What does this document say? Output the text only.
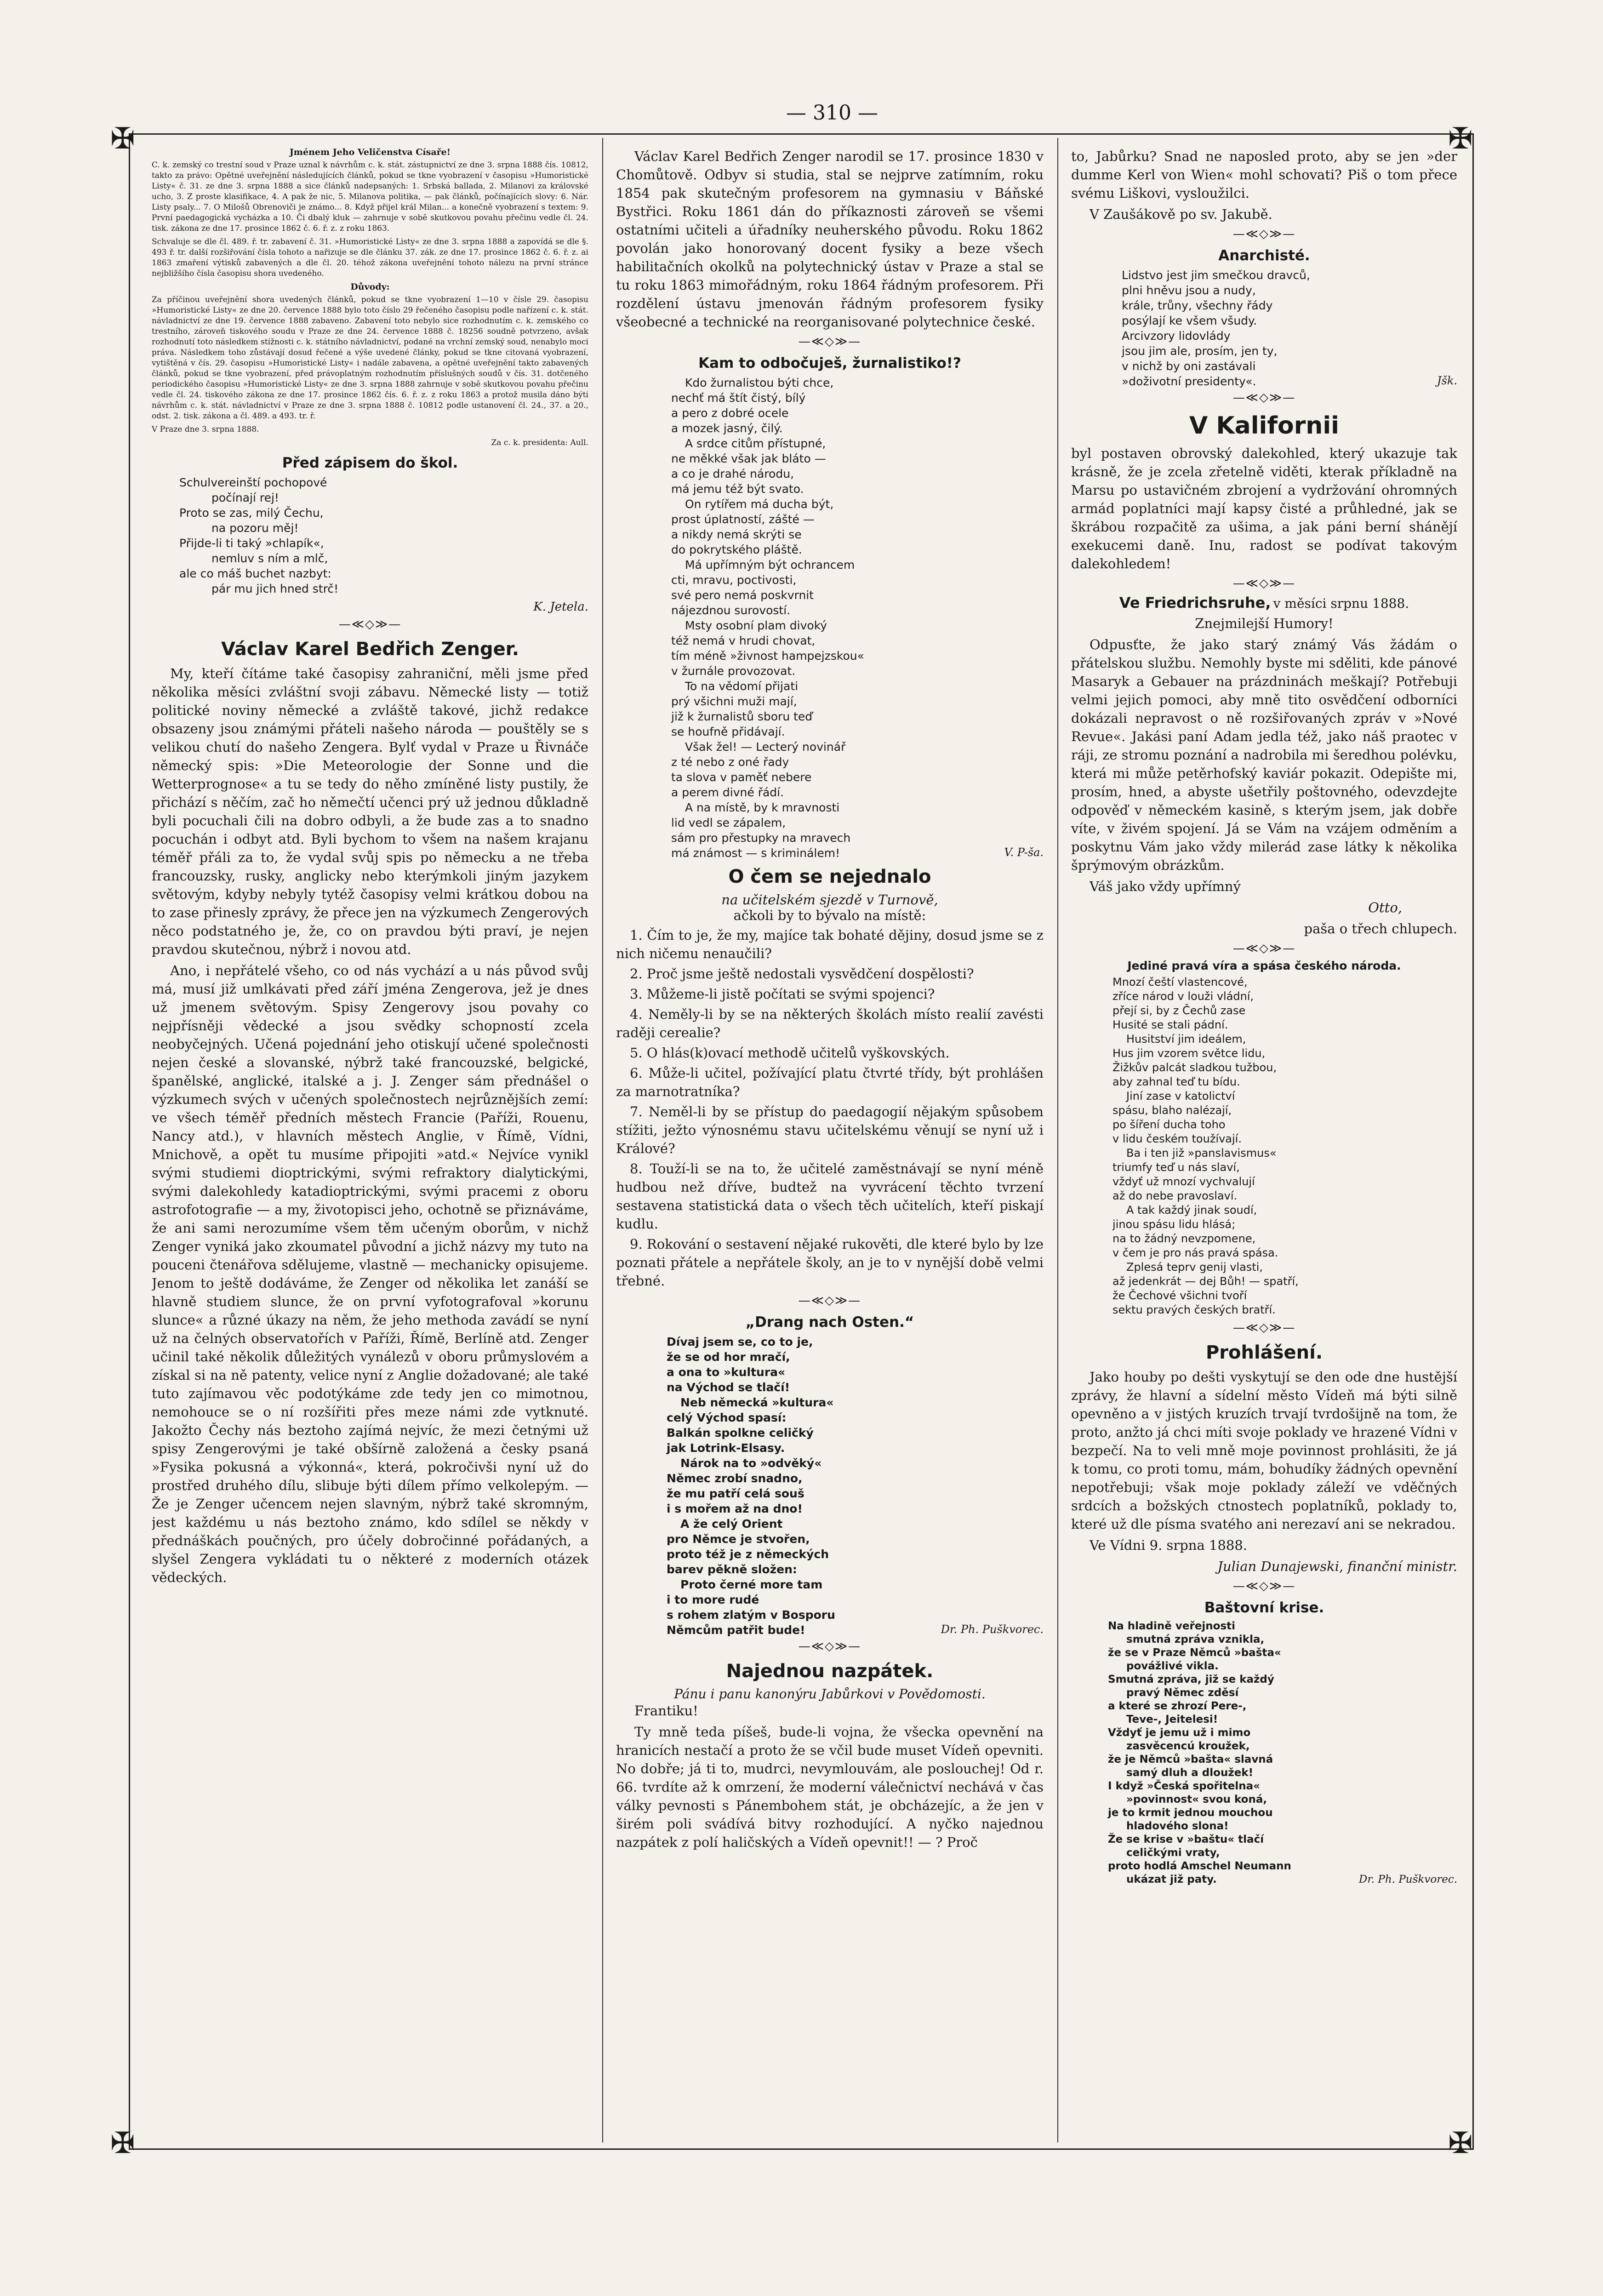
— 310 —
✠	✠
✠	✠
Jménem Jeho Veličenstva Císaře!

C. k. zemský co trestní soud v Praze uznal k návrhům c. k. stát. zástupnictví ze dne 3. srpna 1888 čís. 10812, takto za právo: Opětné uveřejnění následujících článků, pokud se tkne vyobrazení v časopisu »Humoristické Listy« č. 31. ze dne 3. srpna 1888 a sice článků nadepsaných: 1. Srbská ballada, 2. Milanovi za královské ucho, 3. Z proste klasifikace, 4. A pak že nic, 5. Milanova politika, — pak článků, počínajících slovy: 6. Nár. Listy psaly... 7. O Milošů Obrenoviči je známo... 8. Když přijel král Milan... a konečně vyobrazení s textem: 9. První paedagogická vycházka a 10. Či dbalý kluk — zahrnuje v sobě skutkovou povahu přečinu vedle čl. 24. tisk. zákona ze dne 17. prosince 1862 č. 6. ř. z. z roku 1863.

Schvaluje se dle čl. 489. ř. tr. zabavení č. 31. »Humoristické Listy« ze dne 3. srpna 1888 a zapovídá se dle §. 493 ř. tr. další rozšiřování čísla tohoto a nařizuje se dle článku 37. zák. ze dne 17. prosince 1862 č. 6. ř. z. ai 1863 zmaření výtisků zabavených a dle čl. 20. téhož zákona uveřejnění tohoto nálezu na první stránce nejbližšího čísla časopisu shora uvedeného.

Důvody:

Za příčinou uveřejnění shora uvedených článků, pokud se tkne vyobrazení 1—10 v čísle 29. časopisu »Humoristické Listy« ze dne 20. července 1888 bylo toto číslo 29 řečeného časopisu podle nařízení c. k. stát. návladnictví ze dne 19. července 1888 zabaveno. Zabavení toto nebylo sice rozhodnutím c. k. zemského co trestního, zároveň tiskového soudu v Praze ze dne 24. července 1888 č. 18256 soudně potvrzeno, avšak rozhodnutí toto následkem stížnosti c. k. státního návladnictví, podané na vrchní zemský soud, nenabylo moci práva. Následkem toho zůstávají dosud řečené a výše uvedené články, pokud se tkne citovaná vyobrazení, vytištěná v čís. 29. časopisu »Humoristické Listy« i nadále zabavena, a opětné uveřejnění takto zabavených článků, pokud se tkne vyobrazení, před právoplatným rozhodnutím příslušných soudů v čís. 31. dotčeného periodického časopisu »Humoristické Listy« ze dne 3. srpna 1888 zahrnuje v sobě skutkovou povahu přečinu vedle čl. 24. tiskového zákona ze dne 17. prosince 1862 čís. 6. ř. z. z roku 1863 a protož musila dáno býti návrhům c. k. stát. návladnictví v Praze ze dne 3. srpna 1888 č. 10812 podle ustanovení čl. 24., 37. a 20., odst. 2. tisk. zákona a čl. 489. a 493. tr. ř.

V Praze dne 3. srpna 1888.

Za c. k. presidenta: Aull.

Před zápisem do škol.
Schulvereinští pochopové
počínají rej!
Proto se zas, milý Čechu,
na pozoru měj!
Přijde-li ti taký »chlapík«,
nemluv s ním a mlč,
ale co máš buchet nazbyt:
pár mu jich hned strč!
K. Jetela.
—≪◇≫—
Václav Karel Bedřich Zenger.

My, kteří čítáme také časopisy zahraniční, měli jsme před několika měsíci zvláštní svoji zábavu. Německé listy — totiž politické noviny německé a zvláště takové, jichž redakce obsazeny jsou známými přáteli našeho národa — pouštěly se s velikou chutí do našeho Zengera. Bylť vydal v Praze u Řivnáče německý spis: »Die Meteorologie der Sonne und die Wetterprognose« a tu se tedy do něho zmíněné listy pustily, že přichází s něčím, zač ho němečtí učenci prý už jednou důkladně byli pocuchali čili na dobro odbyli, a že bude zas a to snadno pocuchán i odbyt atd. Byli bychom to všem na našem krajanu téměř přáli za to, že vydal svůj spis po německu a ne třeba francouzsky, rusky, anglicky nebo kterýmkoli jiným jazykem světovým, kdyby nebyly tytéž časopisy velmi krátkou dobou na to zase přinesly zprávy, že přece jen na výzkumech Zengerových něco podstatného je, že, co on pravdou býti praví, je nejen pravdou skutečnou, nýbrž i novou atd.

Ano, i nepřátelé všeho, co od nás vychází a u nás původ svůj má, musí již umlkávati před září jména Zengerova, jež je dnes už jmenem světovým. Spisy Zengerovy jsou povahy co nejpřísněji vědecké a jsou svědky schopností zcela neobyčejných. Učená pojednání jeho otiskují učené společnosti nejen české a slovanské, nýbrž také francouzské, belgické, španělské, anglické, italské a j. J. Zenger sám přednášel o výzkumech svých v učených společnostech nejrůznějších zemí: ve všech téměř předních městech Francie (Paříži, Rouenu, Nancy atd.), v hlavních městech Anglie, v Římě, Vídni, Mnichově, a opět tu musíme připojiti »atd.« Nejvíce vynikl svými studiemi dioptrickými, svými refraktory dialytickými, svými dalekohledy katadioptrickými, svými pracemi z oboru astrofotografie — a my, životopisci jeho, ochotně se přiznáváme, že ani sami nerozumíme všem těm učeným oborům, v nichž Zenger vyniká jako zkoumatel původní a jichž názvy my tuto na pouceni čtenářova sdělujeme, vlastně — mechanicky opisujeme. Jenom to ještě dodáváme, že Zenger od několika let zanáší se hlavně studiem slunce, že on první vyfotografoval »korunu slunce« a různé úkazy na něm, že jeho methoda zavádí se nyní už na čelných observatořích v Paříži, Římě, Berlíně atd. Zenger učinil také několik důležitých vynálezů v oboru průmyslovém a získal si na ně patenty, velice nyní z Anglie dožadované; ale také tuto zajímavou věc podotýkáme zde tedy jen co mimotnou, nemohouce se o ní rozšířiti přes meze námi zde vytknuté. Jakožto Čechy nás beztoho zajímá nejvíc, že mezi četnými už spisy Zengerovými je také obšírně založená a česky psaná »Fysika pokusná a výkonná«, která, pokročivši nyní už do prostřed druhého dílu, slibuje býti dílem přímo velkolepým. — Že je Zenger učencem nejen slavným, nýbrž také skromným, jest každému u nás beztoho známo, kdo sdílel se někdy v přednáškách poučných, pro účely dobročinné pořádaných, a slyšel Zengera vykládati tu o některé z moderních otázek vědeckých.

Václav Karel Bedřich Zenger narodil se 17. prosince 1830 v Chomůtově. Odbyv si studia, stal se nejprve zatímním, roku 1854 pak skutečným profesorem na gymnasiu v Báňské Bystřici. Roku 1861 dán do příkaznosti zároveň se všemi ostatními učiteli a úřadníky neuherského původu. Roku 1862 povolán jako honorovaný docent fysiky a beze všech habilitačních okolků na polytechnický ústav v Praze a stal se tu roku 1863 mimořádným, roku 1864 řádným profesorem. Při rozdělení ústavu jmenován řádným profesorem fysiky všeobecné a technické na reorganisované polytechnice české.

—≪◇≫—
Kam to odbočuješ, žurnalistiko!?
Kdo žurnalistou býti chce,
nechť má štít čistý, bílý
a pero z dobré ocele
a mozek jasný, čilý.
A srdce citům přístupné,
ne měkké však jak bláto —
a co je drahé národu,
má jemu též být svato.
On rytířem má ducha být,
prost úplatností, zášté —
a nikdy nemá skrýti se
do pokrytského pláště.
Má upřímným být ochrancem
cti, mravu, poctivosti,
své pero nemá poskvrnit
nájezdnou surovostí.
Msty osobní plam divoký
též nemá v hrudi chovat,
tím méně »živnost hampejzskou«
v žurnále provozovat.
To na vědomí přijati
prý všichni muži mají,
již k žurnalistů sboru teď
se houfně přidávají.
Však žel! — Lecterý novinář
z té nebo z oné řady
ta slova v paměť nebere
a perem divné řádí.
A na místě, by k mravnosti
lid vedl se zápalem,
sám pro přestupky na mravech
má známost — s kriminálem!	V. P-ša.
O čem se nejednalo
na učitelském sjezdě v Turnově,
ačkoli by to bývalo na místě:

1. Čím to je, že my, majíce tak bohaté dějiny, dosud jsme se z nich ničemu nenaučili?

2. Proč jsme ještě nedostali vysvědčení dospělosti?

3. Můžeme-li jistě počítati se svými spojenci?

4. Neměly-li by se na některých školách místo realií zavésti raději cerealie?

5. O hlás(k)ovací methodě učitelů vyškovských.

6. Může-li učitel, požívající platu čtvrté třídy, být prohlášen za marnotratníka?

7. Neměl-li by se přístup do paedagogií nějakým spůsobem stížiti, ježto výnosnému stavu učitelskému věnují se nyní už i Králové?

8. Touží-li se na to, že učitelé zaměstnávají se nyní méně hudbou než dříve, budtež na vyvrácení těchto tvrzení sestavena statistická data o všech těch učitelích, kteří piskají kudlu.

9. Rokování o sestavení nějaké rukověti, dle které bylo by lze poznati přátele a nepřátele školy, an je to v nynější době velmi třebné.

—≪◇≫—
„Drang nach Osten.“
Dívaj jsem se, co to je,
že se od hor mračí,
a ona to »kultura«
na Východ se tlačí!
Neb německá »kultura«
celý Východ spasí:
Balkán spolkne celičký
jak Lotrink-Elsasy.
Nárok na to »odvěký«
Němec zrobí snadno,
že mu patří celá souš
i s mořem až na dno!
A že celý Orient
pro Němce je stvořen,
proto též je z německých
barev pěkně složen:
Proto černé more tam
i to more rudé
s rohem zlatým v Bosporu
Němcům patřit bude!	Dr. Ph. Puškvorec.
—≪◇≫—
Najednou nazpátek.
Pánu i panu kanonýru Jabůrkovi v Povědomosti.

Frantiku!

Ty mně teda píšeš, bude-li vojna, že všecka opevnění na hranicích nestačí a proto že se včil bude muset Vídeň opevniti. No dobře; já ti to, mudrci, nevymlouvám, ale poslouchej! Od r. 66. tvrdíte až k omrzení, že moderní válečnictví nechává v čas války pevnosti s Pánembohem stát, je obcházejíc, a že jen v širém poli svádívá bitvy rozhodující. A nyčko najednou nazpátek z polí haličských a Vídeň opevnit!! — ? Proč

to, Jabůrku? Snad ne naposled proto, aby se jen »der dumme Kerl von Wien« mohl schovati? Piš o tom přece svému Liškovi, vysloužilci.

V Zaušákově po sv. Jakubě.

—≪◇≫—
Anarchisté.
Lidstvo jest jim smečkou dravců,
plni hněvu jsou a nudy,
krále, trůny, všechny řády
posýlají ke všem všudy.
Arcivzory lidovlády
jsou jim ale, prosím, jen ty,
v nichž by oni zastávali
»doživotní presidenty«.	Jšk.
—≪◇≫—
V Kalifornii

byl postaven obrovský dalekohled, který ukazuje tak krásně, že je zcela zřetelně viděti, kterak příkladně na Marsu po ustavičném zbrojení a vydržování ohromných armád poplatníci mají kapsy čisté a průhledné, jak se škrábou rozpačitě za ušima, a jak páni berní shánějí exekucemi daně. Inu, radost se podívat takovým dalekohledem!

—≪◇≫—
Ve Friedrichsruhe, v měsíci srpnu 1888.

Znejmilejší Humory!

Odpusťte, že jako starý známý Vás žádám o přátelskou službu. Nemohly byste mi sděliti, kde pánové Masaryk a Gebauer na prázdninách meškají? Potřebuji velmi jejich pomoci, aby mně tito osvědčení odborníci dokázali nepravost o ně rozšiřovaných zpráv v »Nové Revue«. Jakási paní Adam jedla též, jako náš praotec v ráji, ze stromu poznání a nadrobila mi šeredhou polévku, která mi může petěrhofský kaviár pokazit. Odepište mi, prosím, hned, a abyste ušetřily poštovného, odevzdejte odpověď v německém kasině, s kterým jsem, jak dobře víte, v živém spojení. Já se Vám na vzájem odměním a poskytnu Vám jako vždy milerád zase látky k několika šprýmovým obrázkům.

Váš jako vždy upřímný

Otto,

paša o třech chlupech.

—≪◇≫—
Jediné pravá víra a spása českého národa.
Mnozí čeští vlastencové,
zříce národ v louži vládní,
přejí si, by z Čechů zase
Husité se stali pádní.
Husitství jim ideálem,
Hus jim vzorem světce lidu,
Žižkův palcát sladkou tužbou,
aby zahnal teď tu bídu.
Jiní zase v katolictví
spásu, blaho nalézají,
po šíření ducha toho
v lidu českém toužívají.
Ba i ten již »panslavismus«
triumfy teď u nás slaví,
vždyť už mnozí vychvalují
až do nebe pravoslaví.
A tak každý jinak soudí,
jinou spásu lidu hlásá;
na to žádný nevzpomene,
v čem je pro nás pravá spása.
Zplesá teprv genij vlasti,
až jedenkrát — dej Bůh! — spatří,
že Čechové všichni tvoří
sektu pravých českých bratří.
—≪◇≫—
Prohlášení.

Jako houby po dešti vyskytují se den ode dne hustější zprávy, že hlavní a sídelní město Vídeň má býti silně opevněno a v jistých kruzích trvají tvrdošijně na tom, že proto, anžto já chci míti svoje poklady ve hrazené Vídni v bezpečí. Na to veli mně moje povinnost prohlásiti, že já k tomu, co proti tomu, mám, bohudíky žádných opevnění nepotřebuji; však moje poklady záleží ve vděčných srdcích a božských ctnostech poplatníků, poklady to, které už dle písma svatého ani nerezaví ani se nekradou.

Ve Vídni 9. srpna 1888.

Julian Dunajewski, finanční ministr.

—≪◇≫—
Baštovní krise.
Na hladině veřejnosti
smutná zpráva vznikla,
že se v Praze Němců »bašta«
povážlivé vikla.
Smutná zpráva, již se každý
pravý Němec zděsí
a které se zhrozí Pere-,
Teve-, Jeitelesi!
Vždyť je jemu už i mimo
zasvěcencú kroužek,
že je Němců »bašta« slavná
samý dluh a dloužek!
I když »Česká spořitelna«
»povinnost« svou koná,
je to krmit jednou mouchou
hladového slona!
Že se krise v »baštu« tlačí
celičkými vraty,
proto hodlá Amschel Neumann
ukázat již paty.	Dr. Ph. Puškvorec.
